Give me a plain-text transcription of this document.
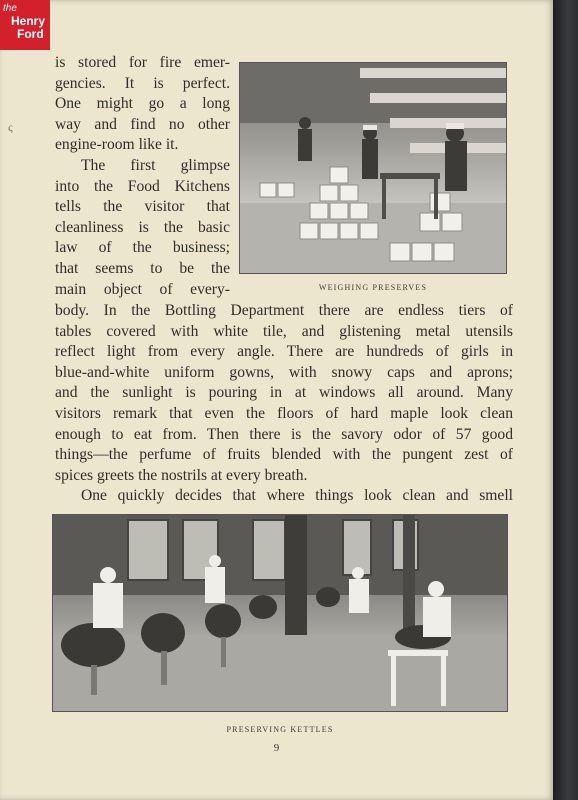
the
Henry
Ford
ς
is stored for fire emer-
gencies. It is perfect.
One might go a long
way and find no other
engine-room like it.
The first glimpse
into the Food Kitchens
tells the visitor that
cleanliness is the basic
law of the business;
that seems to be the
main object of every-	WEIGHING PRESERVES
body. In the Bottling Department there are endless tiers of
tables covered with white tile, and glistening metal utensils
reflect light from every angle. There are hundreds of girls in
blue-and-white uniform gowns, with snowy caps and aprons;
and the sunlight is pouring in at windows all around. Many
visitors remark that even the floors of hard maple look clean
enough to eat from. Then there is the savory odor of 57 good
things—the perfume of fruits blended with the pungent zest of
spices greets the nostrils at every breath.
One quickly decides that where things look clean and smell
PRESERVING KETTLES
9
